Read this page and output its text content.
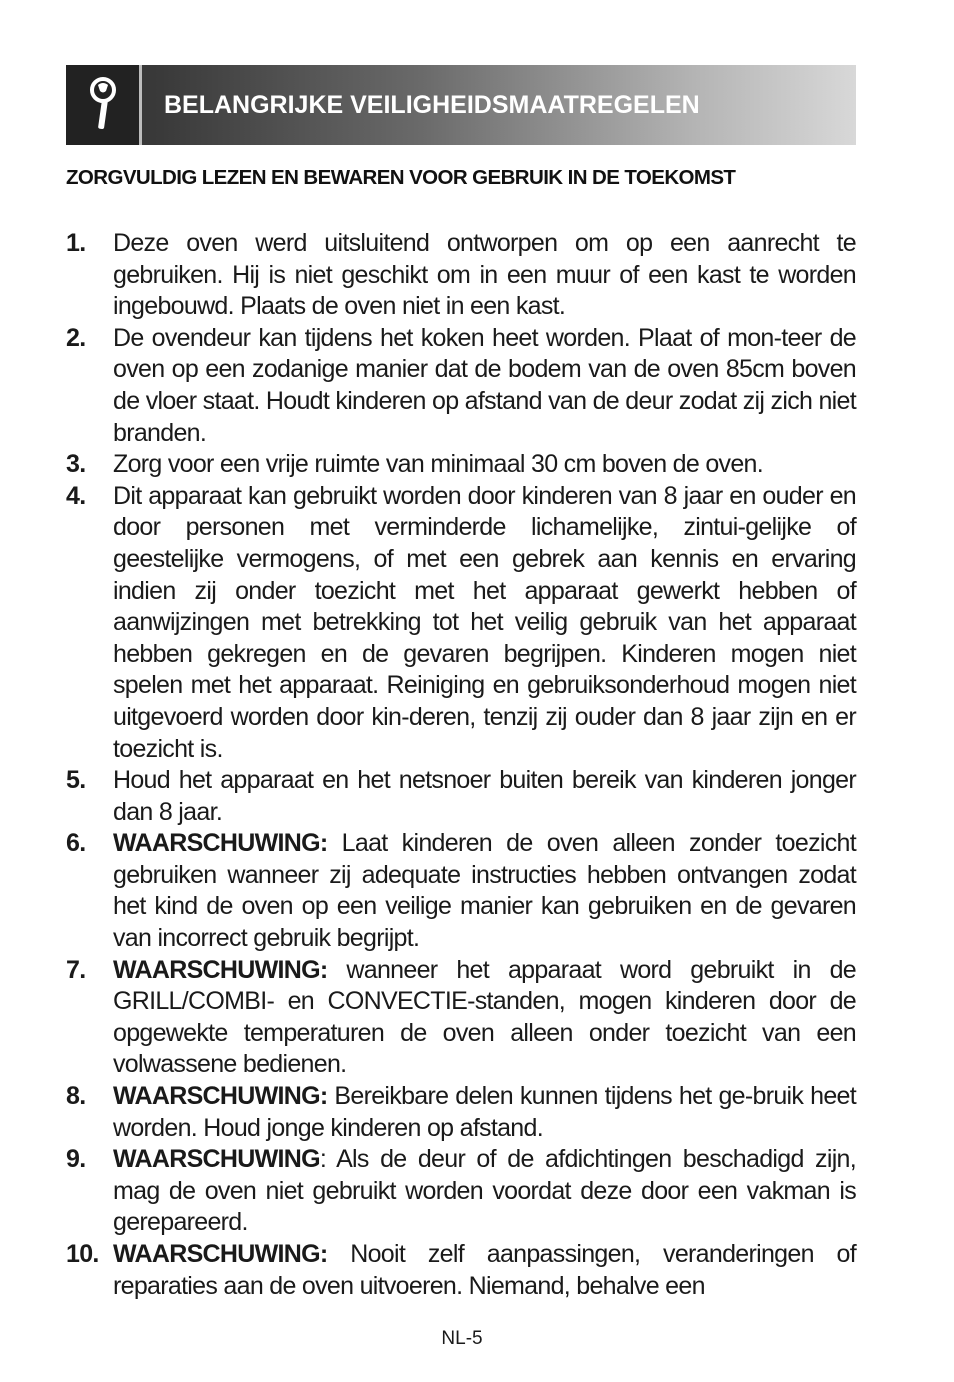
BELANGRIJKE VEILIGHEIDSMAATREGELEN
ZORGVULDIG LEZEN EN BEWAREN VOOR GEBRUIK IN DE TOEKOMST
1.	Deze oven werd uitsluitend ontworpen om op een aanrecht te gebruiken. Hij is niet geschikt om in een muur of een kast te worden ingebouwd. Plaats de oven niet in een kast.
2.	De ovendeur kan tijdens het koken heet worden. Plaat of mon-teer de oven op een zodanige manier dat de bodem van de oven 85cm boven de vloer staat. Houdt kinderen op afstand van de deur zodat zij zich niet branden.
3.	Zorg voor een vrije ruimte van minimaal 30 cm boven de oven.
4.	Dit apparaat kan gebruikt worden door kinderen van 8 jaar en ouder en door personen met verminderde lichamelijke, zintui-gelijke of geestelijke vermogens, of met een gebrek aan kennis en ervaring indien zij onder toezicht met het apparaat gewerkt hebben of aanwijzingen met betrekking tot het veilig gebruik van het apparaat hebben gekregen en de gevaren begrijpen. Kinderen mogen niet spelen met het apparaat. Reiniging en gebruiksonderhoud mogen niet uitgevoerd worden door kin-deren, tenzij zij ouder dan 8 jaar zijn en er toezicht is.
5.	Houd het apparaat en het netsnoer buiten bereik van kinderen jonger dan 8 jaar.
6.	WAARSCHUWING: Laat kinderen de oven alleen zonder toezicht gebruiken wanneer zij adequate instructies hebben ontvangen zodat het kind de oven op een veilige manier kan gebruiken en de gevaren van incorrect gebruik begrijpt.
7.	WAARSCHUWING: wanneer het apparaat word gebruikt in de GRILL/COMBI- en CONVECTIE-standen, mogen kinderen door de opgewekte temperaturen de oven alleen onder toezicht van een volwassene bedienen.
8.	WAARSCHUWING: Bereikbare delen kunnen tijdens het ge-bruik heet worden. Houd jonge kinderen op afstand.
9.	WAARSCHUWING: Als de deur of de afdichtingen beschadigd zijn, mag de oven niet gebruikt worden voordat deze door een vakman is gerepareerd.
10. WAARSCHUWING: Nooit zelf aanpassingen, veranderingen of reparaties aan de oven uitvoeren. Niemand, behalve een
NL-5
